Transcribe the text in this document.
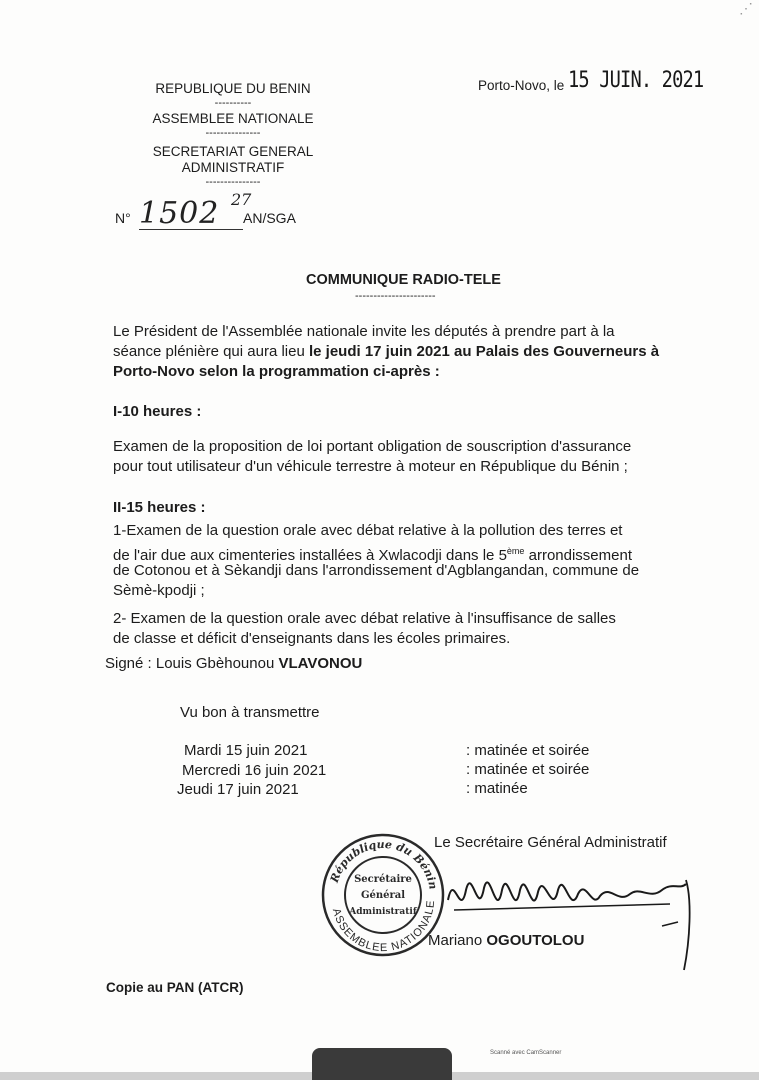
REPUBLIQUE DU BENIN
----------
ASSEMBLEE NATIONALE
---------------
SECRETARIAT GENERAL
ADMINISTRATIF
---------------
N° 1502 27
AN/SGA
Porto-Novo, le 15 JUIN. 2021
COMMUNIQUE RADIO-TELE
----------------------
Le Président de l'Assemblée nationale invite les députés à prendre part à la
séance plénière qui aura lieu le jeudi 17 juin 2021 au Palais des Gouverneurs à
Porto-Novo selon la programmation ci-après :
I-10 heures :
Examen de la proposition de loi portant obligation de souscription d'assurance
pour tout utilisateur d'un véhicule terrestre à moteur en République du Bénin ;
II-15 heures :
1-Examen de la question orale avec débat relative à la pollution des terres et
de l'air due aux cimenteries installées à Xwlacodji dans le 5ème arrondissement
de Cotonou et à Sèkandji dans l'arrondissement d'Agblangandan, commune de
Sèmè-kpodji ;
2- Examen de la question orale avec débat relative à l'insuffisance de salles
de classe et déficit d'enseignants dans les écoles primaires.
Signé : Louis Gbèhounou VLAVONOU
Vu bon à transmettre
Mardi 15 juin 2021	: matinée et soirée
Mercredi 16 juin 2021	: matinée et soirée
Jeudi 17 juin 2021	: matinée
Le Secrétaire Général Administratif
République du Bénin
ASSEMBLEE NATIONALE
Secrétaire
Général
Administratif
Mariano OGOUTOLOU
Copie au PAN (ATCR)
Scanné avec CamScanner
⋰
